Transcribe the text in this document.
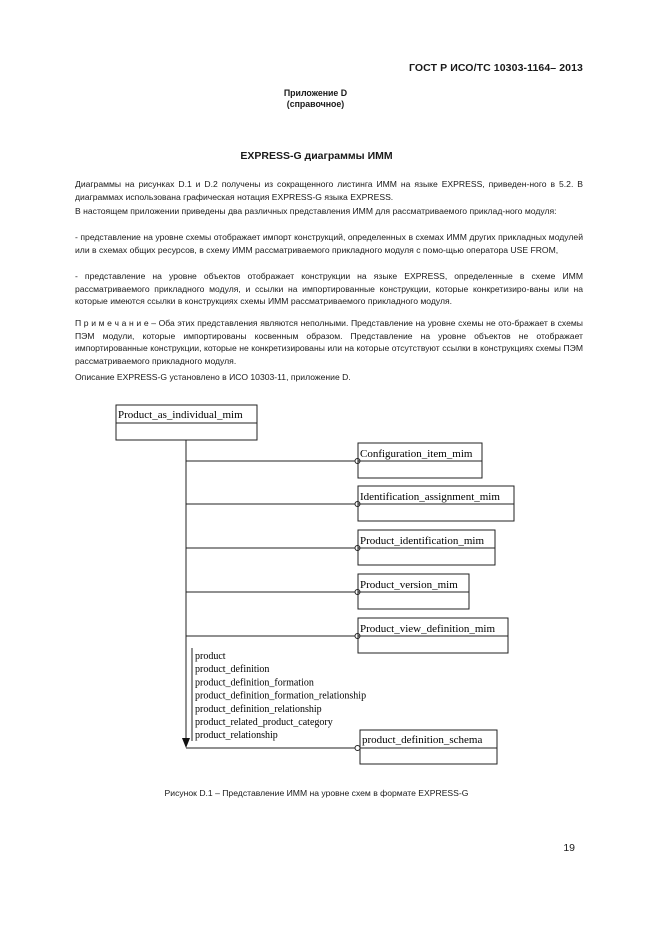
ГОСТ Р ИСО/ТС 10303-1164– 2013
Приложение D
(справочное)
EXPRESS-G диаграммы ИММ
Диаграммы на рисунках D.1 и D.2 получены из сокращенного листинга ИММ на языке EXPRESS, приведен-ного в 5.2. В диаграммах использована графическая нотация EXPRESS-G языка EXPRESS.
В настоящем приложении приведены два различных представления ИММ для рассматриваемого приклад-ного модуля:
- представление на уровне схемы отображает импорт конструкций, определенных в схемах ИММ других прикладных модулей или в схемах общих ресурсов, в схему ИММ рассматриваемого прикладного модуля с помо-щью оператора USE FROM,
- представление на уровне объектов отображает конструкции на языке EXPRESS, определенные в схеме ИММ рассматриваемого прикладного модуля, и ссылки на импортированные конструкции, которые конкретизиро-ваны или на которые имеются ссылки в конструкциях схемы ИММ рассматриваемого прикладного модуля.
П р и м е ч а н и е – Оба этих представления являются неполными. Представление на уровне схемы не ото-бражает в схемы ПЭМ модули, которые импортированы косвенным образом. Представление на уровне объектов не отображает импортированные конструкции, которые не конкретизированы или на которые отсутствуют ссылки в конструкциях схемы ПЭМ рассматриваемого прикладного модуля.
Описание EXPRESS-G установлено в ИСО 10303-11, приложение D.
Product_as_individual_mim
Configuration_item_mim
Identification_assignment_mim
Product_identification_mim
Product_version_mim
Product_view_definition_mim
product
product_definition
product_definition_formation
product_definition_formation_relationship
product_definition_relationship
product_related_product_category
product_relationship	product_definition_schema
Рисунок D.1 – Представление ИММ на уровне схем в формате EXPRESS-G
19
